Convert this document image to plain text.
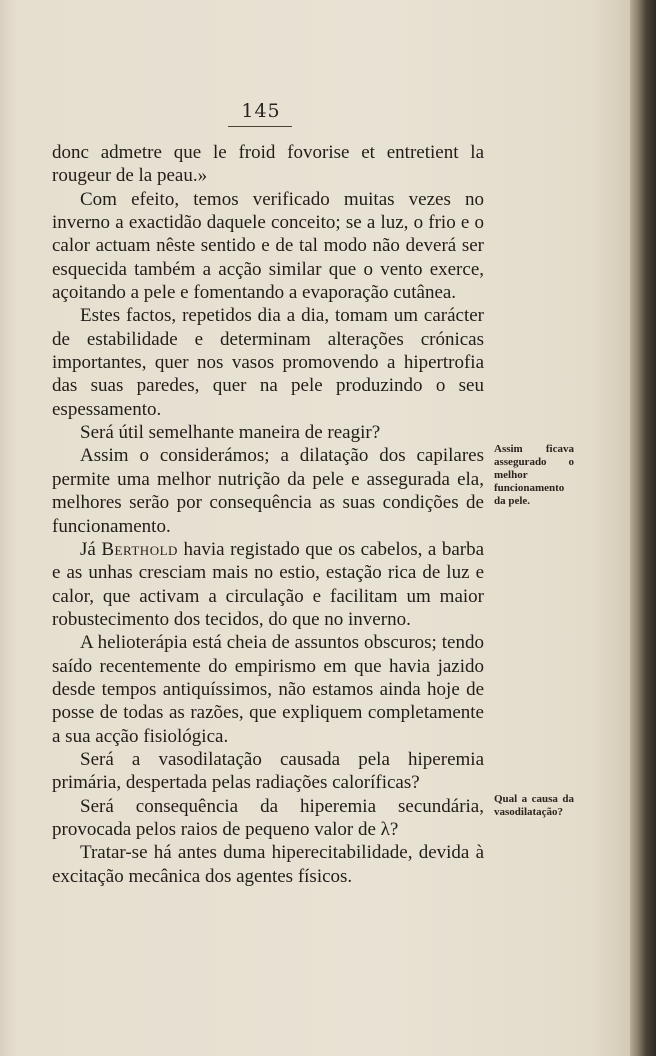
145

donc admetre que le froid fovorise et entretient la rougeur de la peau.»

Com efeito, temos verificado muitas vezes no inverno a exactidão daquele conceito; se a luz, o frio e o calor actuam nêste sentido e de tal modo não deverá ser esquecida também a acção similar que o vento exerce, açoitando a pele e fomentando a evaporação cutânea.

Estes factos, repetidos dia a dia, tomam um carácter de estabilidade e determinam alterações crónicas importantes, quer nos vasos promovendo a hipertrofia das suas paredes, quer na pele produzindo o seu espessamento.

Será útil semelhante maneira de reagir?

Assim o considerámos; a dilatação dos capilares permite uma melhor nutrição da pele e assegurada ela, melhores serão por consequência as suas condições de funcionamento.

Já Berthold havia registado que os cabelos, a barba e as unhas cresciam mais no estio, estação rica de luz e calor, que activam a circulação e facilitam um maior robustecimento dos tecidos, do que no inverno.

A helioterápia está cheia de assuntos obscuros; tendo saído recentemente do empirismo em que havia jazido desde tempos antiquíssimos, não estamos ainda hoje de posse de todas as razões, que expliquem completamente a sua acção fisiológica.

Será a vasodilatação causada pela hiperemia primária, despertada pelas radiações caloríficas?

Será consequência da hiperemia secundária, provocada pelos raios de pequeno valor de λ?

Tratar-se há antes duma hiperecitabilidade, devida à excitação mecânica dos agentes físicos.

Assim ficava assegurado o melhor funcionamento da pele.
Qual a causa da vasodilatação?
